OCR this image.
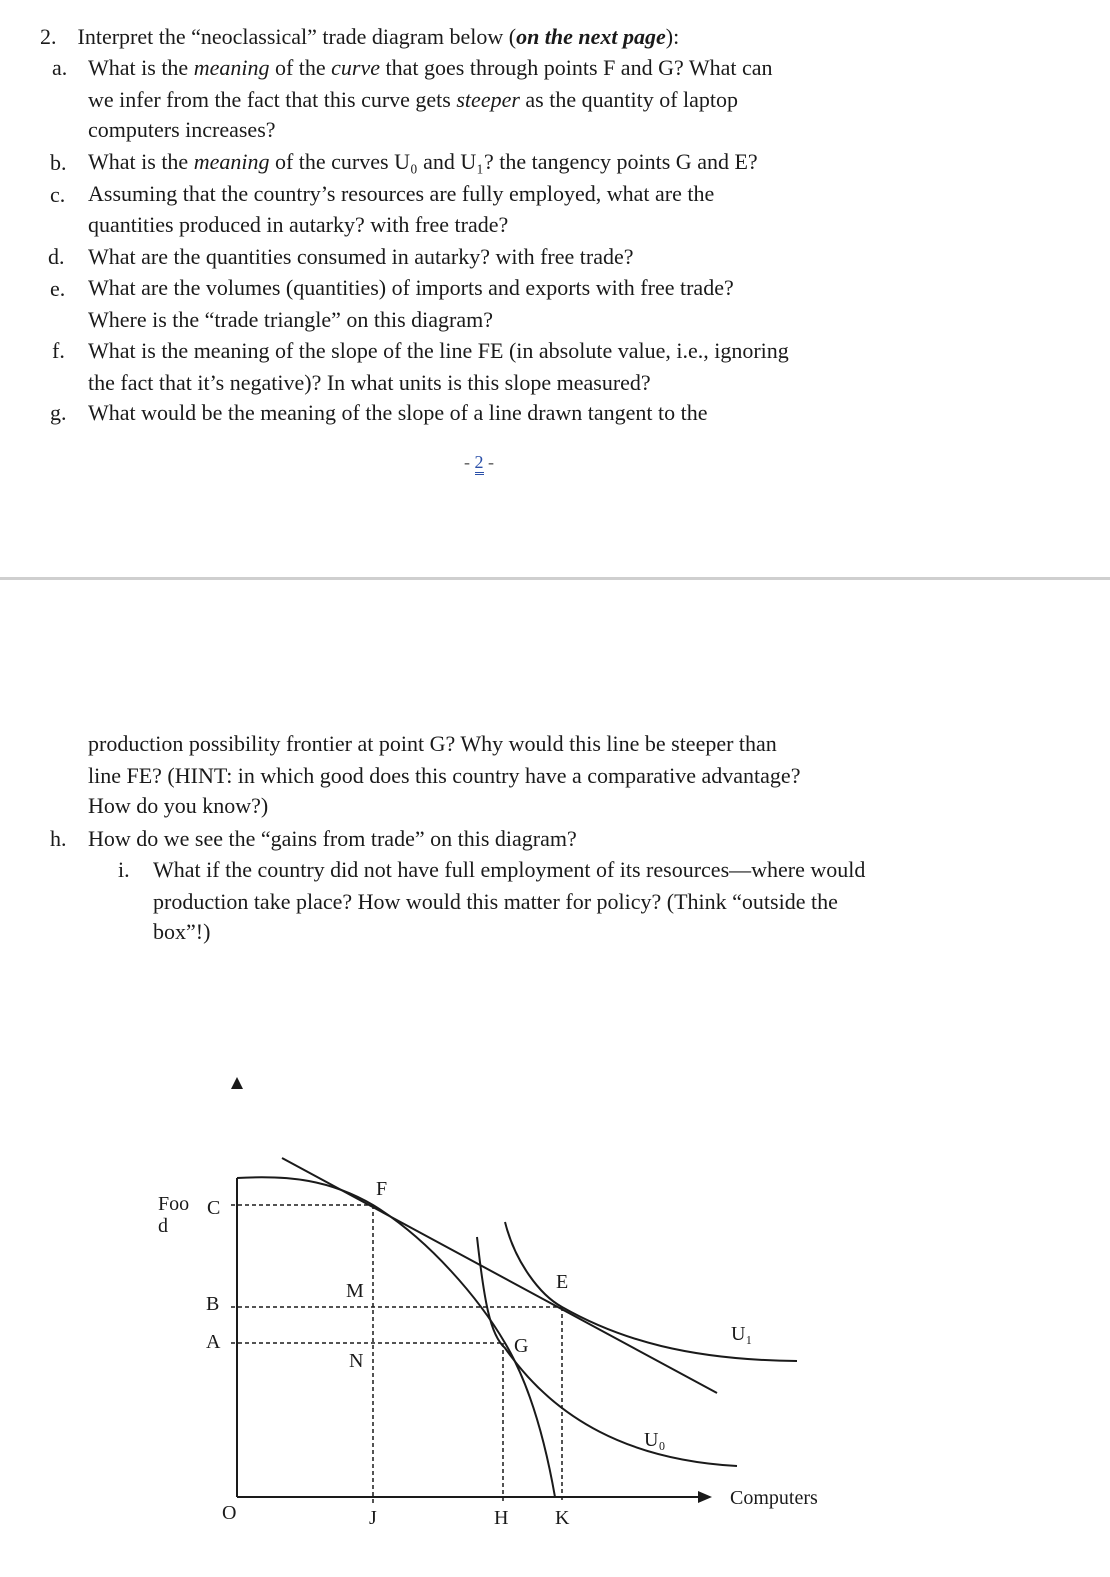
2. Interpret the “neoclassical” trade diagram below (on the next page):
a. What is the meaning of the curve that goes through points F and G? What can
we infer from the fact that this curve gets steeper as the quantity of laptop
computers increases?
b. What is the meaning of the curves U₀ and U₁? the tangency points G and E?
c. Assuming that the country’s resources are fully employed, what are the
quantities produced in autarky? with free trade?
d. What are the quantities consumed in autarky? with free trade?
e. What are the volumes (quantities) of imports and exports with free trade?
Where is the “trade triangle” on this diagram?
f. What is the meaning of the slope of the line FE (in absolute value, i.e., ignoring
the fact that it’s negative)? In what units is this slope measured?
g. What would be the meaning of the slope of a line drawn tangent to the
- 2 -
production possibility frontier at point G? Why would this line be steeper than
line FE? (HINT: in which good does this country have a comparative advantage?
How do you know?)
h. How do we see the “gains from trade” on this diagram?
i. What if the country did not have full employment of its resources—where would
production take place? How would this matter for policy? (Think “outside the
box”!)
Foo
d
C
B
A
O
F
M
N
E
G
J	H K
U₀
U₁
Computers
